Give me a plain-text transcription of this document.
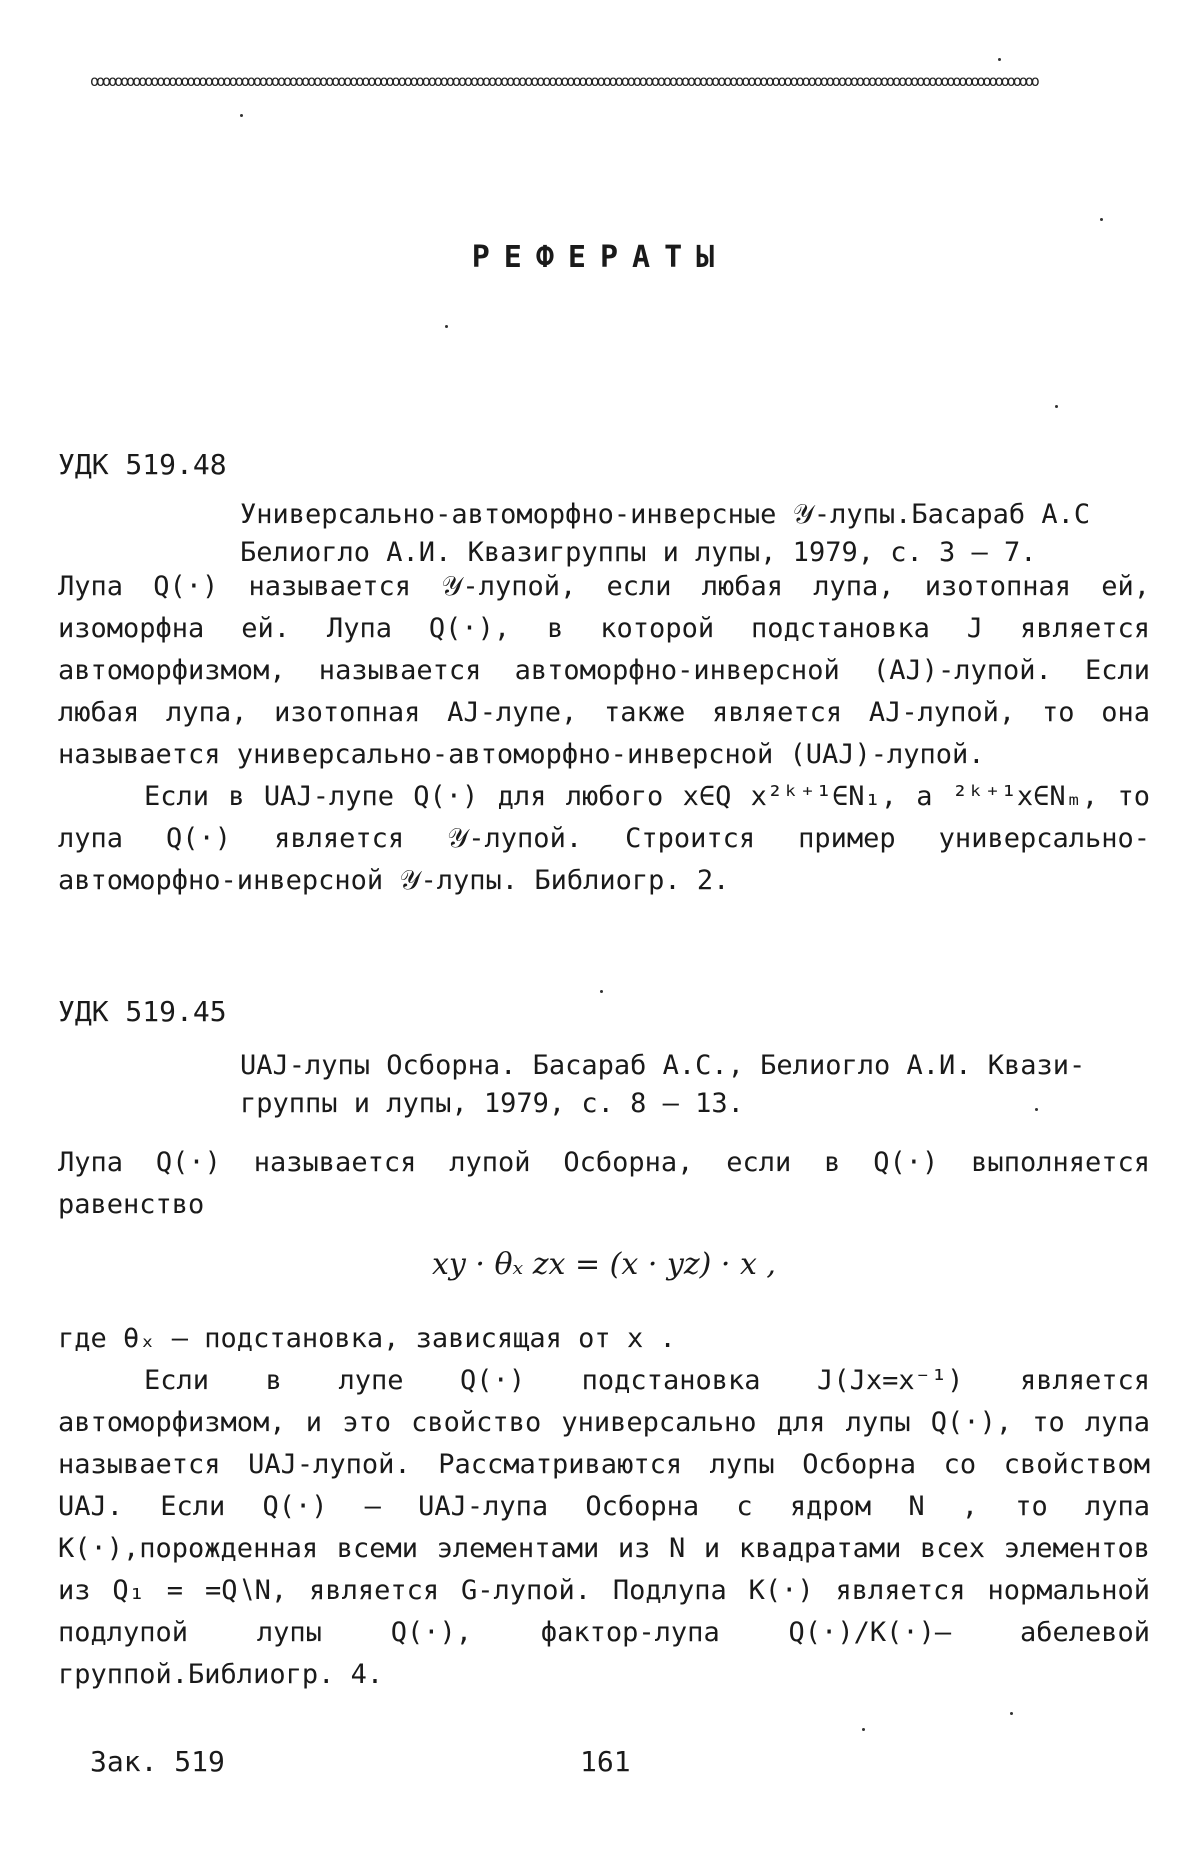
ooooooooooooooooooooooooooooooooooooooooooooooooooooooooooooooooooooooooooooooooooooooooooooooooooooooooooooooooooooooooooooooooooooooooooooooooooooooooooooo
РЕФЕРАТЫ
УДК 519.48
Универсально-автоморфно-инверсные 𝒴-лупы.Басараб А.С
Белиогло А.И. Квазигруппы и лупы, 1979, с. 3 – 7.

Лупа Q(·) называется 𝒴-лупой, если любая лупа, изотопная ей, изоморфна ей. Лупа Q(·), в которой подстановка J является автоморфизмом, называется автоморфно-инверсной (AJ)-лупой. Если любая лупа, изотопная AJ-лупе, также является AJ-лупой, то она называется универсально-автоморфно-инверсной (UAJ)-лупой.

Если в UAJ-лупе Q(·) для любого x∈Q x²ᵏ⁺¹∈N₁, a ²ᵏ⁺¹x∈Nₘ, то лупа Q(·) является 𝒴-лупой. Строится пример универсально-автоморфно-инверсной 𝒴-лупы. Библиогр. 2.

УДК 519.45
UAJ-лупы Осборна. Басараб А.С., Белиогло А.И. Квази-
группы и лупы, 1979, с. 8 – 13.

Лупа Q(·) называется лупой Осборна, если в Q(·) выполняется равенство

xy · θₓ zx = (x · yz) · x ,

где θₓ – подстановка, зависящая от x .

Если в лупе Q(·) подстановка J(Jx=x⁻¹) является автоморфизмом, и это свойство универсально для лупы Q(·), то лупа называется UAJ-лупой. Рассматриваются лупы Осборна со свойством UAJ. Если Q(·) – UAJ-лупа Осборна с ядром N , то лупа K(·),порожденная всеми элементами из N и квадратами всех элементов из Q₁ = =Q∖N, является G-лупой. Подлупа K(·) является нормальной подлупой лупы Q(·), фактор-лупа Q(·)/K(·)— абелевой группой.Библиогр. 4.

Зак. 519	161
